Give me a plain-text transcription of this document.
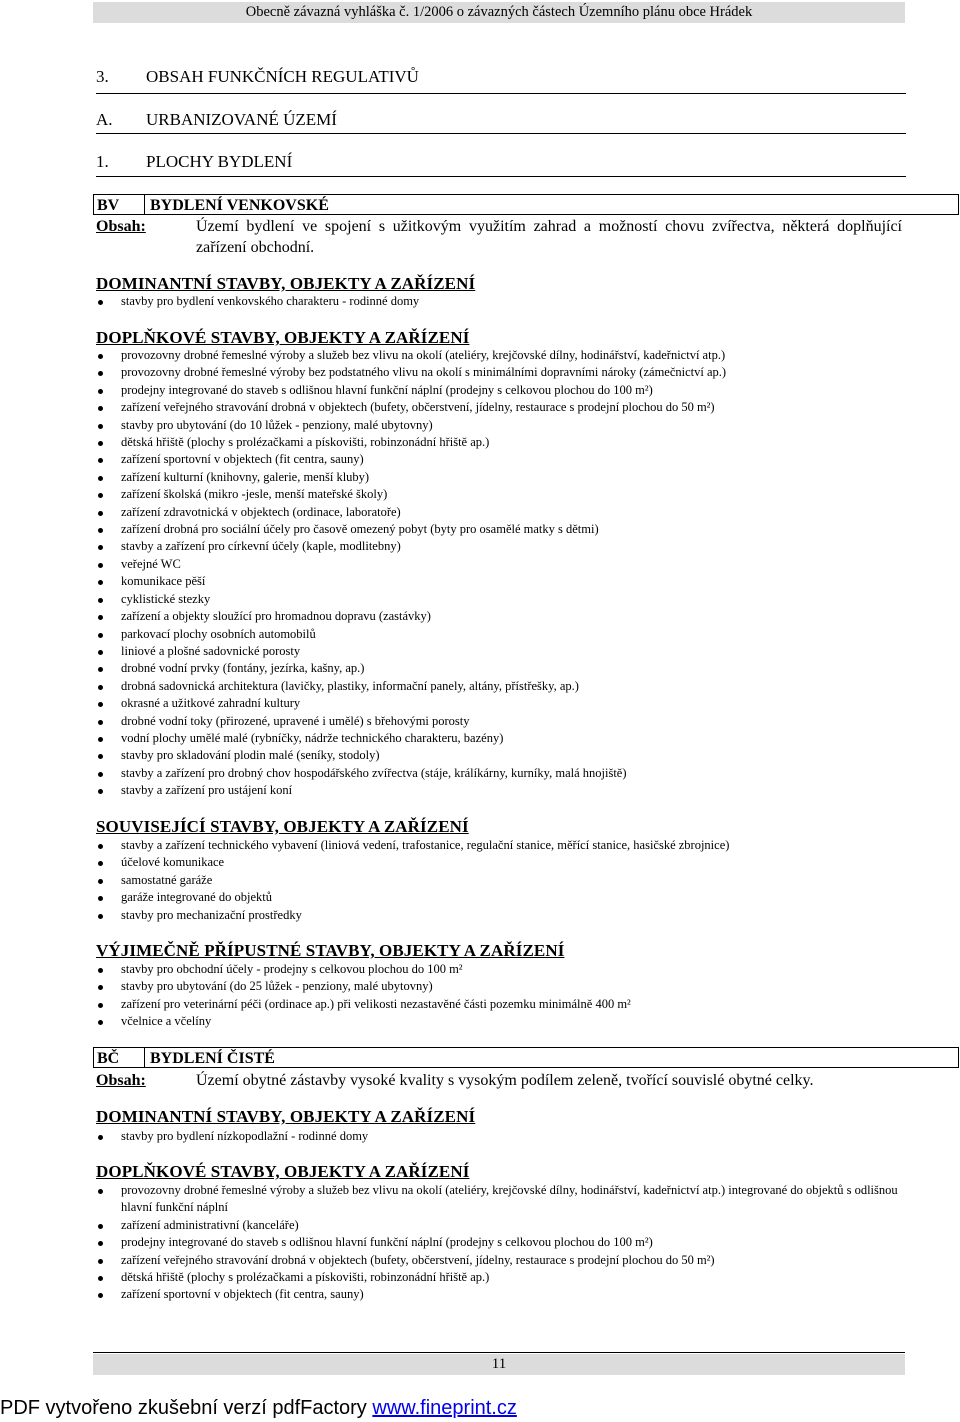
Obecně závazná vyhláška č. 1/2006 o závazných částech Územního plánu obce Hrádek
3. OBSAH FUNKČNÍCH REGULATIVŮ
A. URBANIZOVANÉ ÚZEMÍ
1. PLOCHY BYDLENÍ
BV BYDLENÍ VENKOVSKÉ
Obsah:	Území bydlení ve spojení s užitkovým využitím zahrad a možností chovu zvířectva, některá doplňující zařízení obchodní.
DOMINANTNÍ STAVBY, OBJEKTY A ZAŘÍZENÍ
stavby pro bydlení venkovského charakteru - rodinné domy
DOPLŇKOVÉ STAVBY, OBJEKTY A ZAŘÍZENÍ
provozovny drobné řemeslné výroby a služeb bez vlivu na okolí (ateliéry, krejčovské dílny, hodinářství, kadeřnictví atp.)
provozovny drobné řemeslné výroby bez podstatného vlivu na okolí s minimálními dopravními nároky (zámečnictví ap.)
prodejny integrované do staveb s odlišnou hlavní funkční náplní (prodejny s celkovou plochou do 100 m²)
zařízení veřejného stravování drobná v objektech (bufety, občerstvení, jídelny, restaurace s prodejní plochou do 50 m²)
stavby pro ubytování (do 10 lůžek - penziony, malé ubytovny)
dětská hřiště (plochy s prolézačkami a pískovišti, robinzonádní hřiště ap.)
zařízení sportovní v objektech (fit centra, sauny)
zařízení kulturní (knihovny, galerie, menší kluby)
zařízení školská (mikro -jesle, menší mateřské školy)
zařízení zdravotnická v objektech (ordinace, laboratoře)
zařízení drobná pro sociální účely pro časově omezený pobyt (byty pro osamělé matky s dětmi)
stavby a zařízení pro církevní účely (kaple, modlitebny)
veřejné WC
komunikace pěší
cyklistické stezky
zařízení a objekty sloužící pro hromadnou dopravu (zastávky)
parkovací plochy osobních automobilů
liniové a plošné sadovnické porosty
drobné vodní prvky (fontány, jezírka, kašny, ap.)
drobná sadovnická architektura (lavičky, plastiky, informační panely, altány, přístřešky, ap.)
okrasné a užitkové zahradní kultury
drobné vodní toky (přirozené, upravené i umělé) s břehovými porosty
vodní plochy umělé malé (rybníčky, nádrže technického charakteru, bazény)
stavby pro skladování plodin malé (seníky, stodoly)
stavby a zařízení pro drobný chov hospodářského zvířectva (stáje, králíkárny, kurníky, malá hnojiště)
stavby a zařízení pro ustájení koní
SOUVISEJÍCÍ STAVBY, OBJEKTY A ZAŘÍZENÍ
stavby a zařízení technického vybavení (liniová vedení, trafostanice, regulační stanice, měřící stanice, hasičské zbrojnice)
účelové komunikace
samostatné garáže
garáže integrované do objektů
stavby pro mechanizační prostředky
VÝJIMEČNĚ PŘÍPUSTNÉ STAVBY, OBJEKTY A ZAŘÍZENÍ
stavby pro obchodní účely - prodejny s celkovou plochou do 100 m²
stavby pro ubytování (do 25 lůžek - penziony, malé ubytovny)
zařízení pro veterinární péči (ordinace ap.) při velikosti nezastavěné části pozemku minimálně 400 m²
včelnice a včelíny
BČ BYDLENÍ ČISTÉ
Obsah:	Území obytné zástavby vysoké kvality s vysokým podílem zeleně, tvořící souvislé obytné celky.
DOMINANTNÍ STAVBY, OBJEKTY A ZAŘÍZENÍ
stavby pro bydlení nízkopodlažní - rodinné domy
DOPLŇKOVÉ STAVBY, OBJEKTY A ZAŘÍZENÍ
provozovny drobné řemeslné výroby a služeb bez vlivu na okolí (ateliéry, krejčovské dílny, hodinářství, kadeřnictví atp.) integrované do objektů s odlišnou hlavní funkční náplní
zařízení administrativní (kanceláře)
prodejny integrované do staveb s odlišnou hlavní funkční náplní (prodejny s celkovou plochou do 100 m²)
zařízení veřejného stravování drobná v objektech (bufety, občerstvení, jídelny, restaurace s prodejní plochou do 50 m²)
dětská hřiště (plochy s prolézačkami a pískovišti, robinzonádní hřiště ap.)
zařízení sportovní v objektech (fit centra, sauny)
11
PDF vytvořeno zkušební verzí pdfFactory www.fineprint.cz
